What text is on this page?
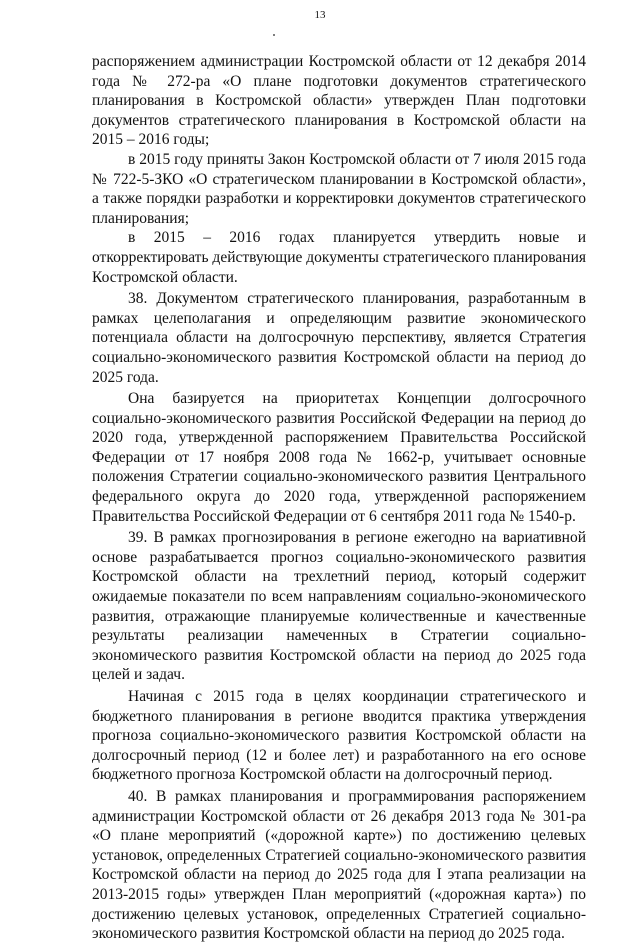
13

распоряжением администрации Костромской области от 12 декабря 2014 года № 272-ра «О плане подготовки документов стратегического планирования в Костромской области» утвержден План подготовки документов стратегического планирования в Костромской области на 2015 – 2016 годы;

в 2015 году приняты Закон Костромской области от 7 июля 2015 года № 722-5-ЗКО «О стратегическом планировании в Костромской области», а также порядки разработки и корректировки документов стратегического планирования;

в 2015 – 2016 годах планируется утвердить новые и откорректировать действующие документы стратегического планирования Костромской области.

38. Документом стратегического планирования, разработанным в рамках целеполагания и определяющим развитие экономического потенциала области на долгосрочную перспективу, является Стратегия социально-экономического развития Костромской области на период до 2025 года.

Она базируется на приоритетах Концепции долгосрочного социально-экономического развития Российской Федерации на период до 2020 года, утвержденной распоряжением Правительства Российской Федерации от 17 ноября 2008 года № 1662-р, учитывает основные положения Стратегии социально-экономического развития Центрального федерального округа до 2020 года, утвержденной распоряжением Правительства Российской Федерации от 6 сентября 2011 года № 1540-р.

39. В рамках прогнозирования в регионе ежегодно на вариативной основе разрабатывается прогноз социально-экономического развития Костромской области на трехлетний период, который содержит ожидаемые показатели по всем направлениям социально-экономического развития, отражающие планируемые количественные и качественные результаты реализации намеченных в Стратегии социально-экономического развития Костромской области на период до 2025 года целей и задач.

Начиная с 2015 года в целях координации стратегического и бюджетного планирования в регионе вводится практика утверждения прогноза социально-экономического развития Костромской области на долгосрочный период (12 и более лет) и разработанного на его основе бюджетного прогноза Костромской области на долгосрочный период.

40. В рамках планирования и программирования распоряжением администрации Костромской области от 26 декабря 2013 года № 301-ра «О плане мероприятий («дорожной карте») по достижению целевых установок, определенных Стратегией социально-экономического развития Костромской области на период до 2025 года для I этапа реализации на 2013-2015 годы» утвержден План мероприятий («дорожная карта») по достижению целевых установок, определенных Стратегией социально-экономического развития Костромской области на период до 2025 года.
